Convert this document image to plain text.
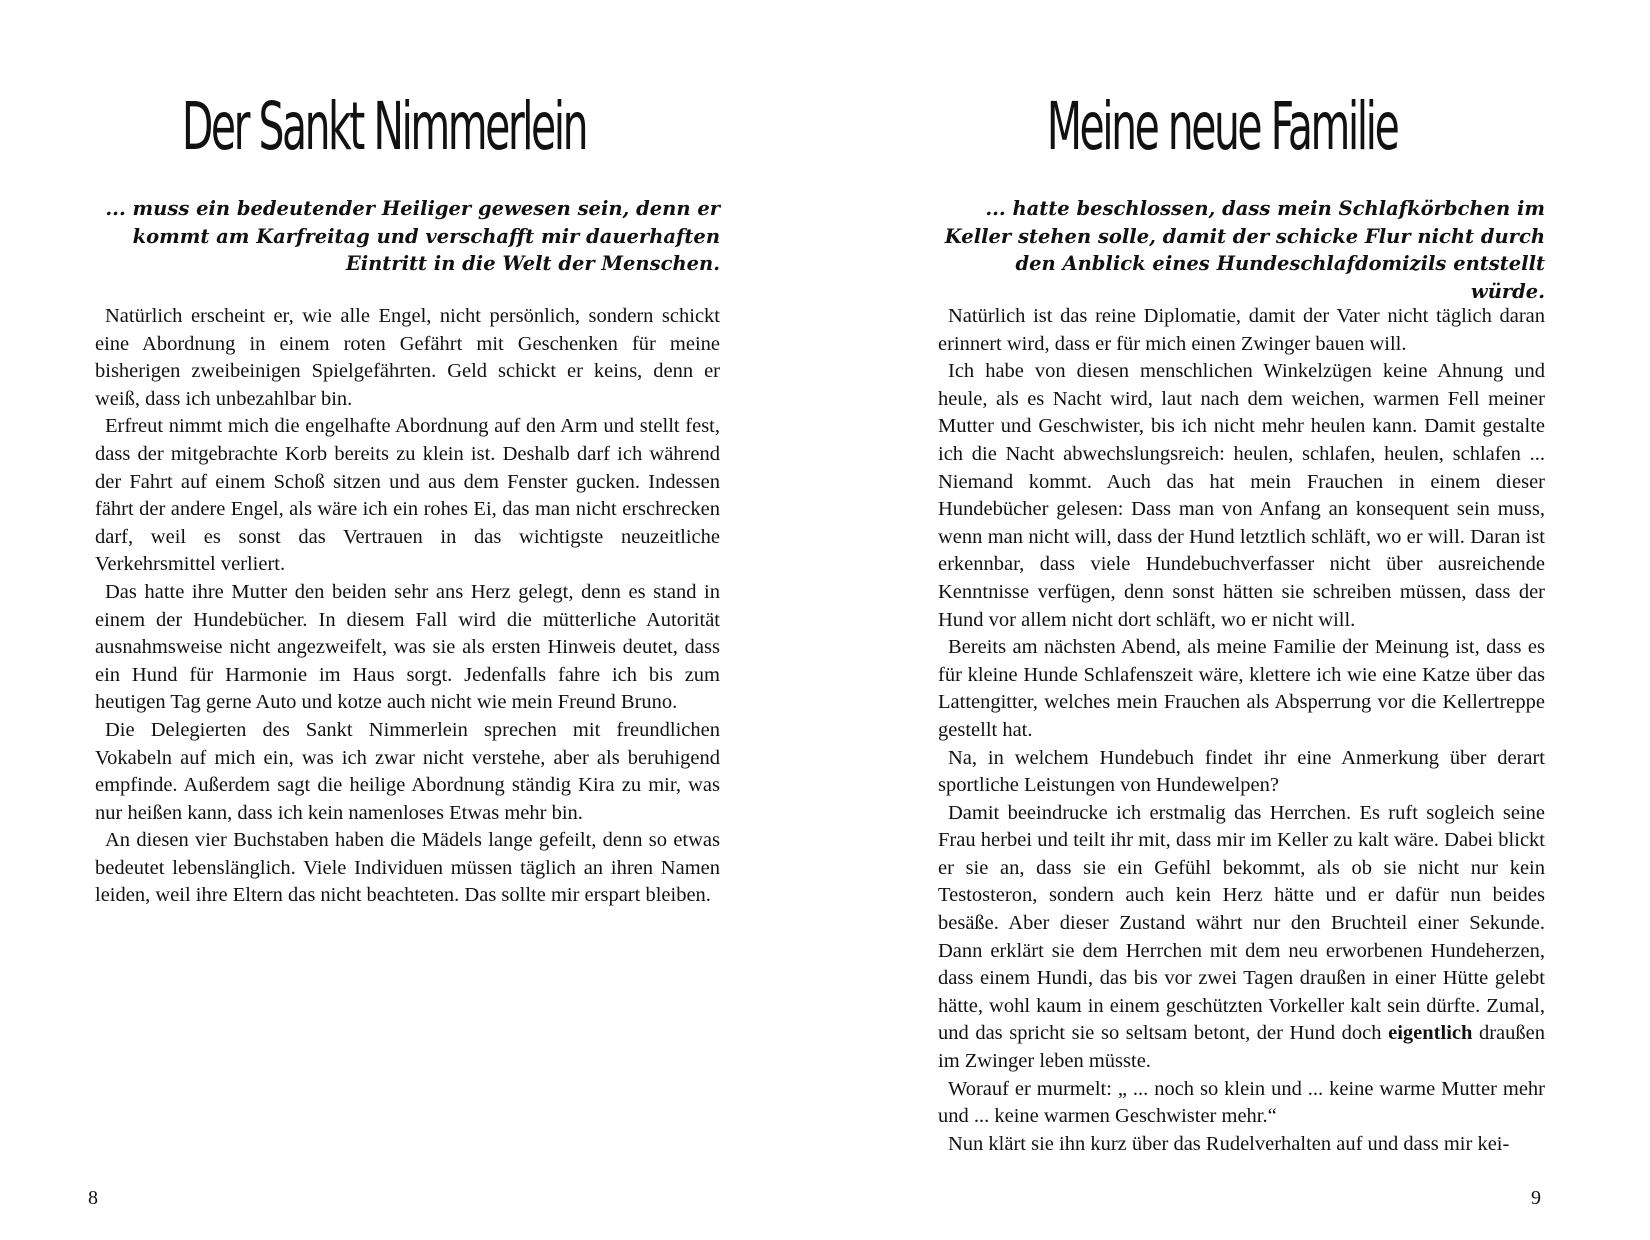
Der Sankt Nimmerlein

... muss ein bedeutender Heiliger gewesen sein, denn er kommt am Karfreitag und verschafft mir dauerhaften Eintritt in die Welt der Menschen.

Natürlich erscheint er, wie alle Engel, nicht persönlich, sondern schickt eine Abordnung in einem roten Gefährt mit Geschenken für meine bisherigen zweibeinigen Spielgefährten. Geld schickt er keins, denn er weiß, dass ich unbezahlbar bin.

Erfreut nimmt mich die engelhafte Abordnung auf den Arm und stellt fest, dass der mitgebrachte Korb bereits zu klein ist. Deshalb darf ich während der Fahrt auf einem Schoß sitzen und aus dem Fenster gucken. Indessen fährt der andere Engel, als wäre ich ein rohes Ei, das man nicht erschrecken darf, weil es sonst das Vertrauen in das wichtigste neuzeitliche Verkehrsmittel verliert.

Das hatte ihre Mutter den beiden sehr ans Herz gelegt, denn es stand in einem der Hundebücher. In diesem Fall wird die mütterliche Autorität ausnahmsweise nicht angezweifelt, was sie als ersten Hinweis deutet, dass ein Hund für Harmonie im Haus sorgt. Jedenfalls fahre ich bis zum heutigen Tag gerne Auto und kotze auch nicht wie mein Freund Bruno.

Die Delegierten des Sankt Nimmerlein sprechen mit freundlichen Vokabeln auf mich ein, was ich zwar nicht verstehe, aber als beruhigend empfinde. Außerdem sagt die heilige Abordnung ständig Kira zu mir, was nur heißen kann, dass ich kein namenloses Etwas mehr bin.

An diesen vier Buchstaben haben die Mädels lange gefeilt, denn so etwas bedeutet lebenslänglich. Viele Individuen müssen täglich an ihren Namen leiden, weil ihre Eltern das nicht beachteten. Das sollte mir erspart bleiben.

8
Meine neue Familie

... hatte beschlossen, dass mein Schlafkörbchen im Keller stehen solle, damit der schicke Flur nicht durch den Anblick eines Hundeschlafdomizils entstellt würde.

Natürlich ist das reine Diplomatie, damit der Vater nicht täglich daran erinnert wird, dass er für mich einen Zwinger bauen will.

Ich habe von diesen menschlichen Winkelzügen keine Ahnung und heule, als es Nacht wird, laut nach dem weichen, warmen Fell meiner Mutter und Geschwister, bis ich nicht mehr heulen kann. Damit gestalte ich die Nacht abwechslungsreich: heulen, schlafen, heulen, schlafen ... Niemand kommt. Auch das hat mein Frauchen in einem dieser Hundebücher gelesen: Dass man von Anfang an konsequent sein muss, wenn man nicht will, dass der Hund letztlich schläft, wo er will. Daran ist erkennbar, dass viele Hundebuchverfasser nicht über ausreichende Kenntnisse verfügen, denn sonst hätten sie schreiben müssen, dass der Hund vor allem nicht dort schläft, wo er nicht will.

Bereits am nächsten Abend, als meine Familie der Meinung ist, dass es für kleine Hunde Schlafenszeit wäre, klettere ich wie eine Katze über das Lattengitter, welches mein Frauchen als Absperrung vor die Kellertreppe gestellt hat.

Na, in welchem Hundebuch findet ihr eine Anmerkung über derart sportliche Leistungen von Hundewelpen?

Damit beeindrucke ich erstmalig das Herrchen. Es ruft sogleich seine Frau herbei und teilt ihr mit, dass mir im Keller zu kalt wäre. Dabei blickt er sie an, dass sie ein Gefühl bekommt, als ob sie nicht nur kein Testosteron, sondern auch kein Herz hätte und er dafür nun beides besäße. Aber dieser Zustand währt nur den Bruchteil einer Sekunde. Dann erklärt sie dem Herrchen mit dem neu erworbenen Hundeherzen, dass einem Hundi, das bis vor zwei Tagen draußen in einer Hütte gelebt hätte, wohl kaum in einem geschützten Vorkeller kalt sein dürfte. Zumal, und das spricht sie so seltsam betont, der Hund doch eigentlich draußen im Zwinger leben müsste.

Worauf er murmelt: „ ... noch so klein und ... keine warme Mutter mehr und ... keine warmen Geschwister mehr.“

Nun klärt sie ihn kurz über das Rudelverhalten auf und dass mir kei-

9
